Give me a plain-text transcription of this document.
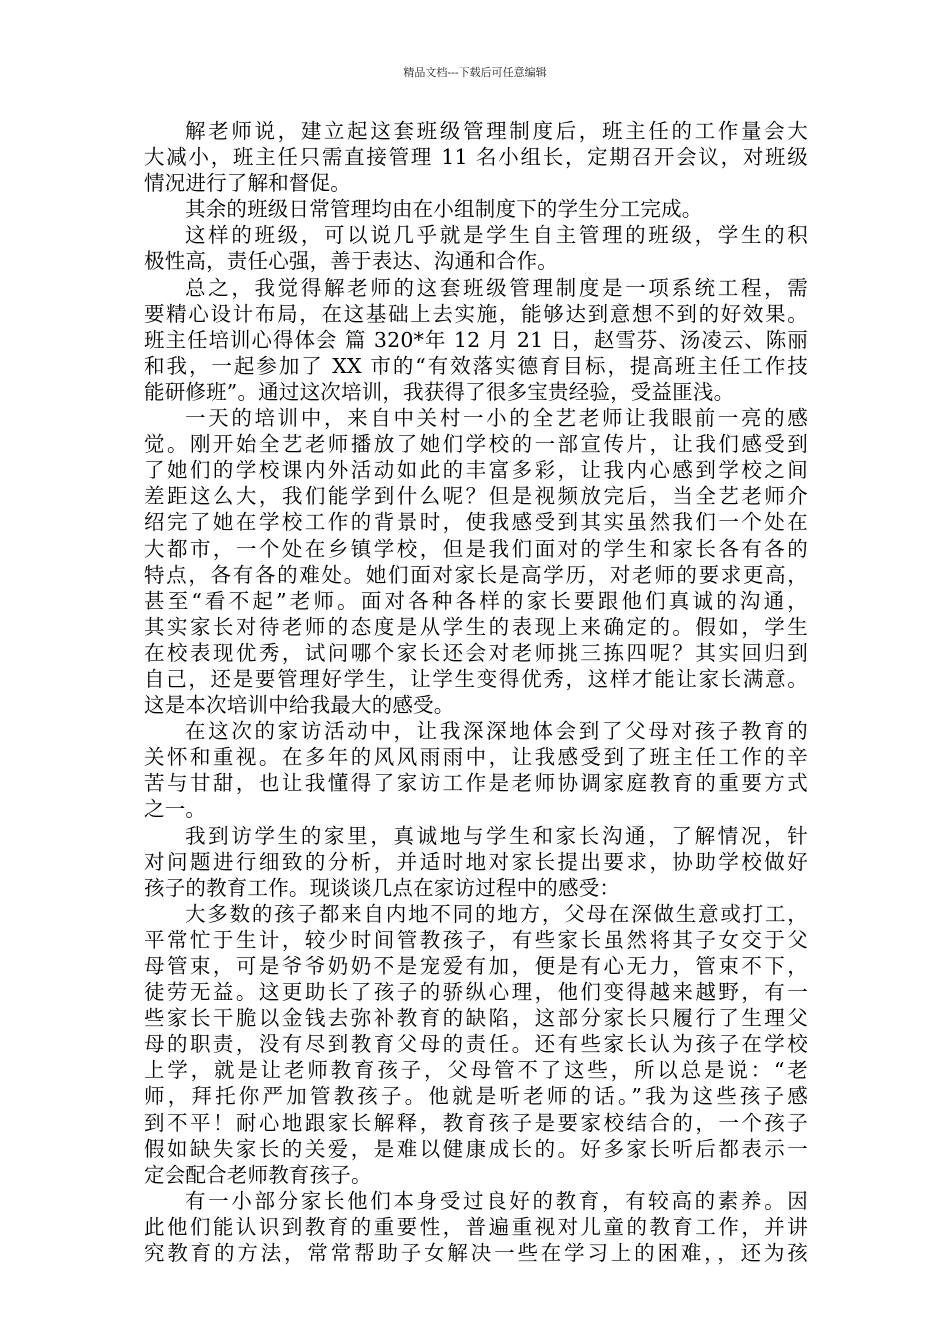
精品文档---下载后可任意编辑
解老师说，建立起这套班级管理制度后，班主任的工作量会大
大减小，班主任只需直接管理 11 名小组长，定期召开会议，对班级
情况进行了解和督促。
其余的班级日常管理均由在小组制度下的学生分工完成。
这样的班级，可以说几乎就是学生自主管理的班级，学生的积
极性高，责任心强，善于表达、沟通和合作。
总之，我觉得解老师的这套班级管理制度是一项系统工程，需
要精心设计布局，在这基础上去实施，能够达到意想不到的好效果。
班主任培训心得体会 篇 320*年 12 月 21 日，赵雪芬、汤凌云、陈丽
和我，一起参加了 XX 市的“有效落实德育目标，提高班主任工作技
能研修班”。通过这次培训，我获得了很多宝贵经验，受益匪浅。
一天的培训中，来自中关村一小的全艺老师让我眼前一亮的感
觉。刚开始全艺老师播放了她们学校的一部宣传片，让我们感受到
了她们的学校课内外活动如此的丰富多彩，让我内心感到学校之间
差距这么大，我们能学到什么呢？但是视频放完后，当全艺老师介
绍完了她在学校工作的背景时，使我感受到其实虽然我们一个处在
大都市，一个处在乡镇学校，但是我们面对的学生和家长各有各的
特点，各有各的难处。她们面对家长是高学历，对老师的要求更高，
甚至“看不起”老师。面对各种各样的家长要跟他们真诚的沟通，
其实家长对待老师的态度是从学生的表现上来确定的。假如，学生
在校表现优秀，试问哪个家长还会对老师挑三拣四呢？其实回归到
自己，还是要管理好学生，让学生变得优秀，这样才能让家长满意。
这是本次培训中给我最大的感受。
在这次的家访活动中，让我深深地体会到了父母对孩子教育的
关怀和重视。在多年的风风雨雨中，让我感受到了班主任工作的辛
苦与甘甜，也让我懂得了家访工作是老师协调家庭教育的重要方式
之一。
我到访学生的家里，真诚地与学生和家长沟通，了解情况，针
对问题进行细致的分析，并适时地对家长提出要求，协助学校做好
孩子的教育工作。现谈谈几点在家访过程中的感受：
大多数的孩子都来自内地不同的地方，父母在深做生意或打工，
平常忙于生计，较少时间管教孩子，有些家长虽然将其子女交于父
母管束，可是爷爷奶奶不是宠爱有加，便是有心无力，管束不下，
徒劳无益。这更助长了孩子的骄纵心理，他们变得越来越野，有一
些家长干脆以金钱去弥补教育的缺陷，这部分家长只履行了生理父
母的职责，没有尽到教育父母的责任。还有些家长认为孩子在学校
上学，就是让老师教育孩子，父母管不了这些，所以总是说：“老
师，拜托你严加管教孩子。他就是听老师的话。”我为这些孩子感
到不平！耐心地跟家长解释，教育孩子是要家校结合的，一个孩子
假如缺失家长的关爱，是难以健康成长的。好多家长听后都表示一
定会配合老师教育孩子。
有一小部分家长他们本身受过良好的教育，有较高的素养。因
此他们能认识到教育的重要性，普遍重视对儿童的教育工作，并讲
究教育的方法，常常帮助子女解决一些在学习上的困难，，还为孩
